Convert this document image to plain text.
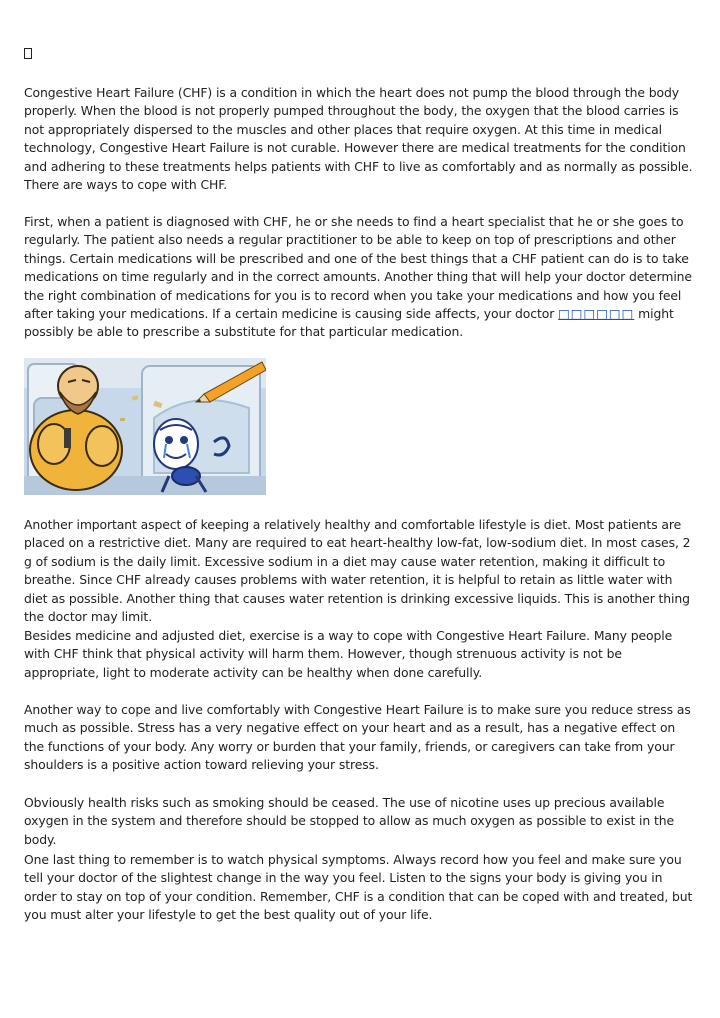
Congestive Heart Failure (CHF) is a condition in which the heart does not pump the blood through the body properly. When the blood is not properly pumped throughout the body, the oxygen that the blood carries is not appropriately dispersed to the muscles and other places that require oxygen. At this time in medical technology, Congestive Heart Failure is not curable. However there are medical treatments for the condition and adhering to these treatments helps patients with CHF to live as comfortably and as normally as possible. There are ways to cope with CHF.

First, when a patient is diagnosed with CHF, he or she needs to find a heart specialist that he or she goes to regularly. The patient also needs a regular practitioner to be able to keep on top of prescriptions and other things. Certain medications will be prescribed and one of the best things that a CHF patient can do is to take medications on time regularly and in the correct amounts. Another thing that will help your doctor determine the right combination of medications for you is to record when you take your medications and how you feel after taking your medications. If a certain medicine is causing side affects, your doctor □□□□□□ might possibly be able to prescribe a substitute for that particular medication.

Another important aspect of keeping a relatively healthy and comfortable lifestyle is diet. Most patients are placed on a restrictive diet. Many are required to eat heart-healthy low-fat, low-sodium diet. In most cases, 2 g of sodium is the daily limit. Excessive sodium in a diet may cause water retention, making it difficult to breathe. Since CHF already causes problems with water retention, it is helpful to retain as little water with diet as possible. Another thing that causes water retention is drinking excessive liquids. This is another thing the doctor may limit.

Besides medicine and adjusted diet, exercise is a way to cope with Congestive Heart Failure. Many people with CHF think that physical activity will harm them. However, though strenuous activity is not be appropriate, light to moderate activity can be healthy when done carefully.

Another way to cope and live comfortably with Congestive Heart Failure is to make sure you reduce stress as much as possible. Stress has a very negative effect on your heart and as a result, has a negative effect on the functions of your body. Any worry or burden that your family, friends, or caregivers can take from your shoulders is a positive action toward relieving your stress.

Obviously health risks such as smoking should be ceased. The use of nicotine uses up precious available oxygen in the system and therefore should be stopped to allow as much oxygen as possible to exist in the body.

One last thing to remember is to watch physical symptoms. Always record how you feel and make sure you tell your doctor of the slightest change in the way you feel. Listen to the signs your body is giving you in order to stay on top of your condition. Remember, CHF is a condition that can be coped with and treated, but you must alter your lifestyle to get the best quality out of your life.
